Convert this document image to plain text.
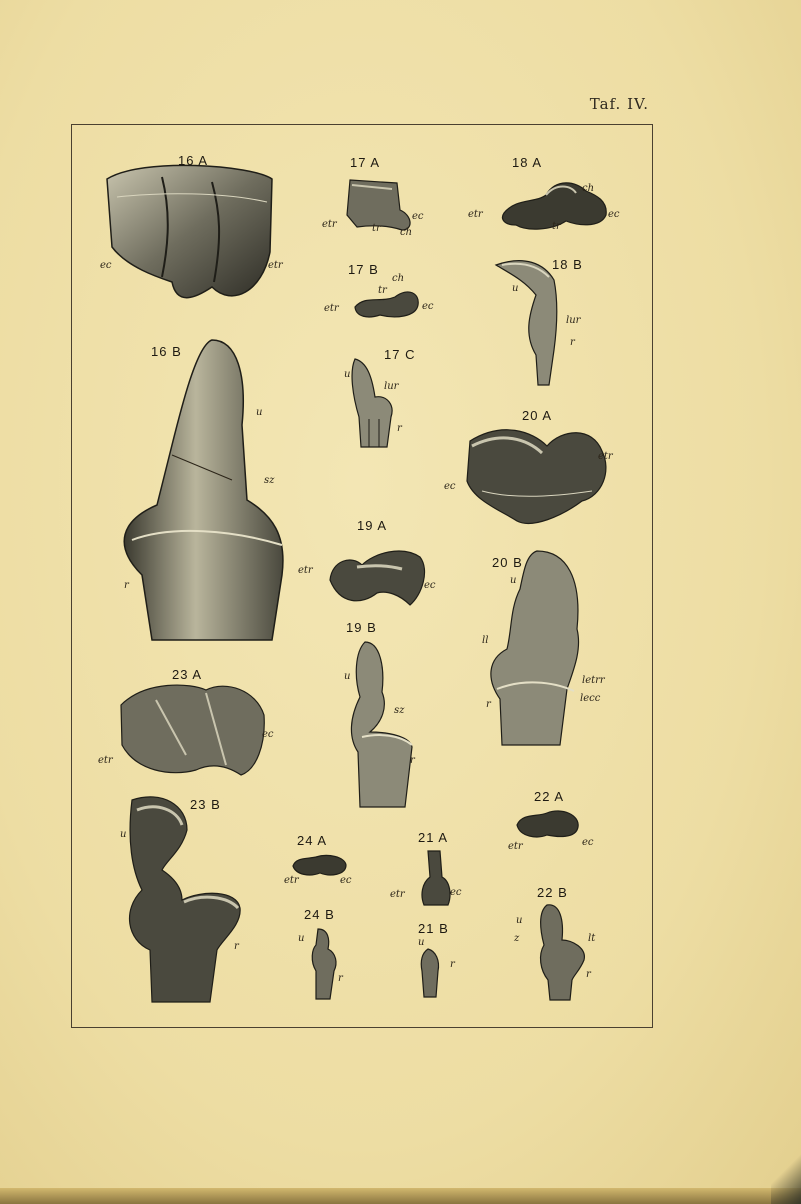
Taf. IV.
16 A
ec	etr
16 B
u
sz
r
17 A
etr
ec
tr ch
17 B
ch
tr
etr	ec
17 C
u
lur
r
18 A
ch
etr	ec
tr
18 B
u
lur
r
19 A
etr
ec
19 B
u
sz
r
20 A
etr
ec
20 B
u
ll
letrr
lecc
r
23 A
etr
ec
23 B
u
r
22 A
etr	ec
22 B
u
z	lt
r
24 A
etr	ec
24 B
u
r
21 A
etr	ec
21 B
u
r
